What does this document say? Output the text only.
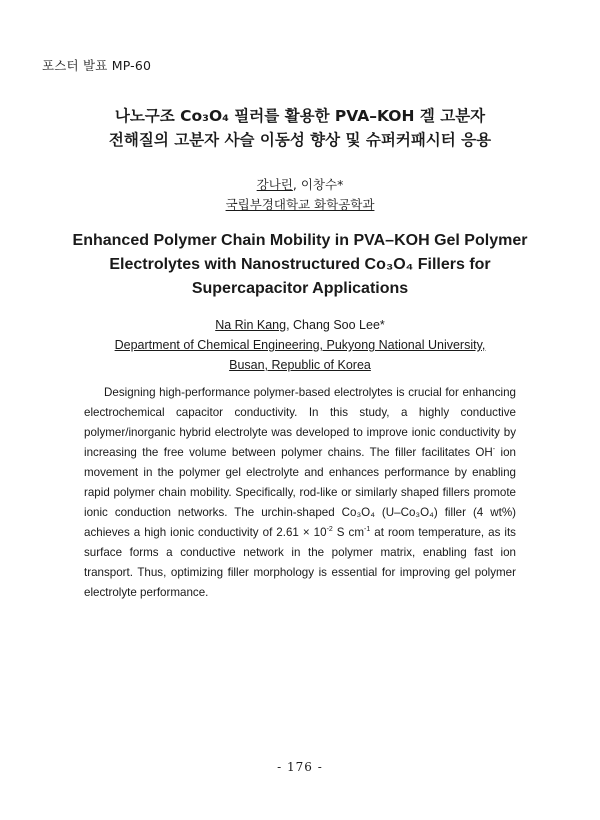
포스터 발표 MP-60
나노구조 Co₃O₄ 필러를 활용한 PVA–KOH 겔 고분자
전해질의 고분자 사슬 이동성 향상 및 슈퍼커패시터 응용
강나린, 이창수*
국립부경대학교 화학공학과
Enhanced Polymer Chain Mobility in PVA–KOH Gel Polymer
Electrolytes with Nanostructured Co₃O₄ Fillers for
Supercapacitor Applications
Na Rin Kang, Chang Soo Lee*
Department of Chemical Engineering, Pukyong National University,
Busan, Republic of Korea

Designing high-performance polymer-based electrolytes is crucial for enhancing electrochemical capacitor conductivity. In this study, a highly conductive polymer/inorganic hybrid electrolyte was developed to improve ionic conductivity by increasing the free volume between polymer chains. The filler facilitates OH- ion movement in the polymer gel electrolyte and enhances performance by enabling rapid polymer chain mobility. Specifically, rod-like or similarly shaped fillers promote ionic conduction networks. The urchin-shaped Co₃O₄ (U–Co₃O₄) filler (4 wt%) achieves a high ionic conductivity of $2.61 \times 10^{-2}$ S $cm^{-1}$ at room temperature, as its surface forms a conductive network in the polymer matrix, enabling fast ion transport. Thus, optimizing filler morphology is essential for improving gel polymer electrolyte performance.

- 176 -
